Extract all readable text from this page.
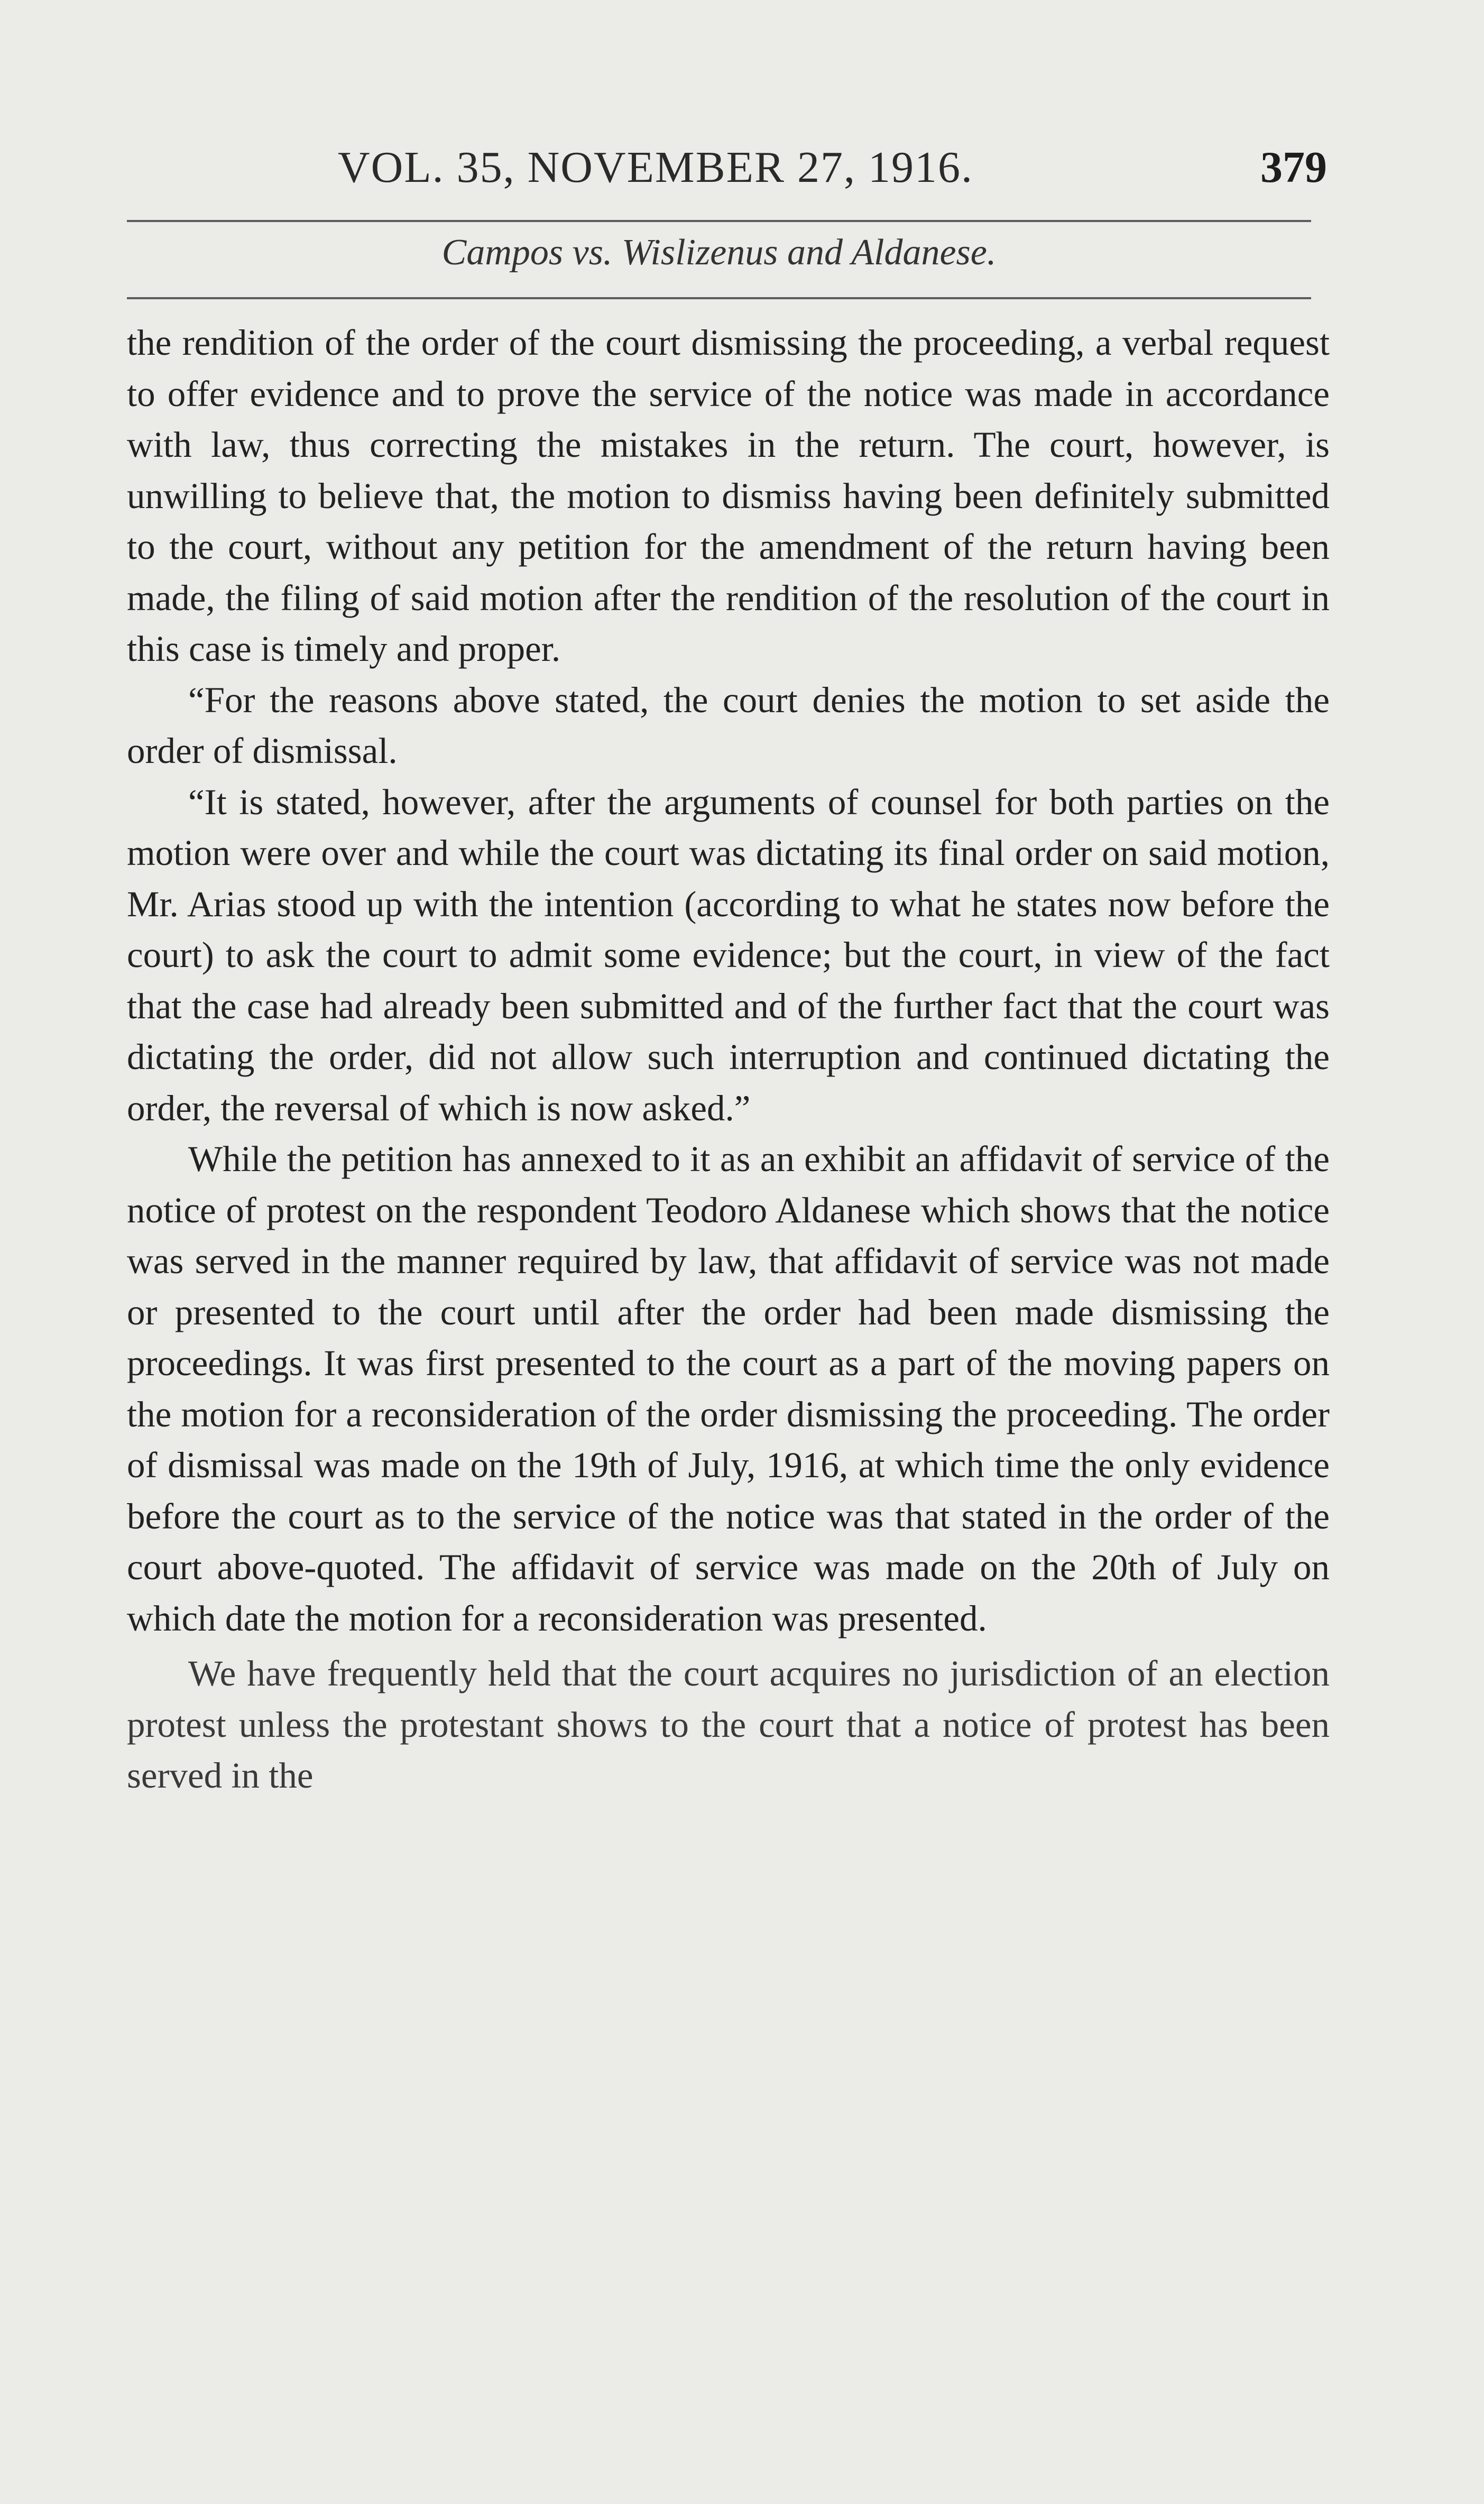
VOL. 35, NOVEMBER 27, 1916.	379
Campos vs. Wislizenus and Aldanese.

the rendition of the order of the court dismissing the proceeding, a verbal request to offer evidence and to prove the service of the notice was made in accordance with law, thus correcting the mistakes in the return. The court, however, is unwilling to believe that, the motion to dismiss having been definitely submitted to the court, without any petition for the amendment of the return having been made, the filing of said motion after the rendition of the resolution of the court in this case is timely and proper.

“For the reasons above stated, the court denies the motion to set aside the order of dismissal.

“It is stated, however, after the arguments of counsel for both parties on the motion were over and while the court was dictating its final order on said motion, Mr. Arias stood up with the intention (according to what he states now before the court) to ask the court to admit some evidence; but the court, in view of the fact that the case had already been submitted and of the further fact that the court was dictating the order, did not allow such interruption and continued dictating the order, the reversal of which is now asked.”

While the petition has annexed to it as an exhibit an affidavit of service of the notice of protest on the respondent Teodoro Aldanese which shows that the notice was served in the manner required by law, that affidavit of service was not made or presented to the court until after the order had been made dismissing the proceedings. It was first presented to the court as a part of the moving papers on the motion for a reconsideration of the order dismissing the proceeding. The order of dismissal was made on the 19th of July, 1916, at which time the only evidence before the court as to the service of the notice was that stated in the order of the court above-quoted. The affidavit of service was made on the 20th of July on which date the motion for a reconsideration was presented.

We have frequently held that the court acquires no jurisdiction of an election protest unless the protestant shows to the court that a notice of protest has been served in the
